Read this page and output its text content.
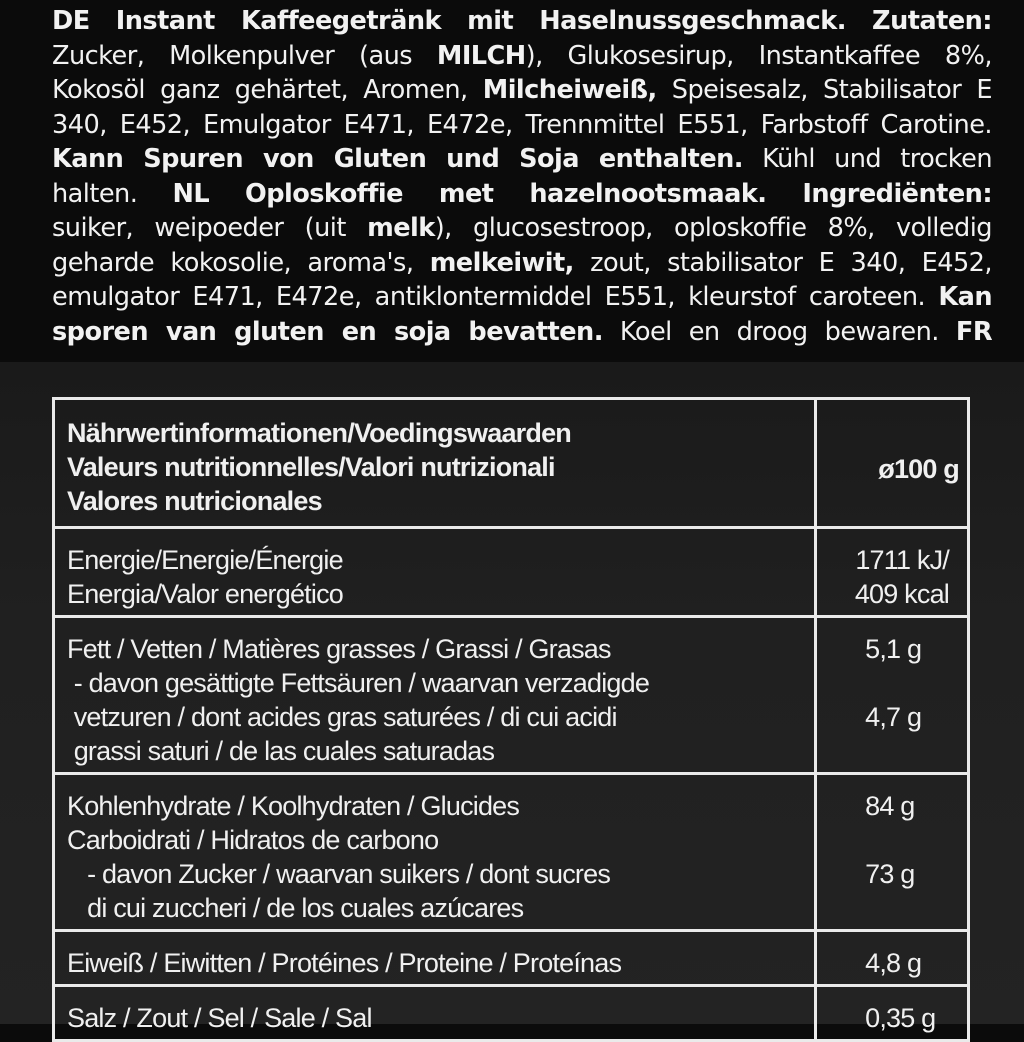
DE Instant Kaffeegetränk mit Haselnussgeschmack. Zutaten:
Zucker, Molkenpulver (aus MILCH), Glukosesirup, Instantkaffee 8%,
Kokosöl ganz gehärtet, Aromen, Milcheiweiß, Speisesalz, Stabilisator E
340, E452, Emulgator E471, E472e, Trennmittel E551, Farbstoff Carotine.
Kann Spuren von Gluten und Soja enthalten. Kühl und trocken
halten. NL Oploskoffie met hazelnootsmaak. Ingrediënten:
suiker, weipoeder (uit melk), glucosestroop, oploskoffie 8%, volledig
geharde kokosolie, aroma's, melkeiwit, zout, stabilisator E 340, E452,
emulgator E471, E472e, antiklontermiddel E551, kleurstof caroteen. Kan
sporen van gluten en soja bevatten. Koel en droog bewaren. FR
Nährwertinformationen/Voedingswaarden
Valeurs nutritionnelles/Valori nutrizionali
Valores nutricionales	ø100 g

Energie/Energie/Énergie
Energia/Valor energético	1711 kJ/
409 kcal

Fett / Vetten / Matières grasses / Grassi / Grasas
- davon gesättigte Fettsäuren / waarvan verzadigde
vetzuren / dont acides gras saturées / di cui acidi
grassi saturi / de las cuales saturadas	5,1 g
4,7 g

Kohlenhydrate / Koolhydraten / Glucides
Carboidrati / Hidratos de carbono
- davon Zucker / waarvan suikers / dont sucres
di cui zuccheri / de los cuales azúcares	84 g
73 g

Eiweiß / Eiwitten / Protéines / Proteine / Proteínas	4,8 g

Salz / Zout / Sel / Sale / Sal	0,35 g
